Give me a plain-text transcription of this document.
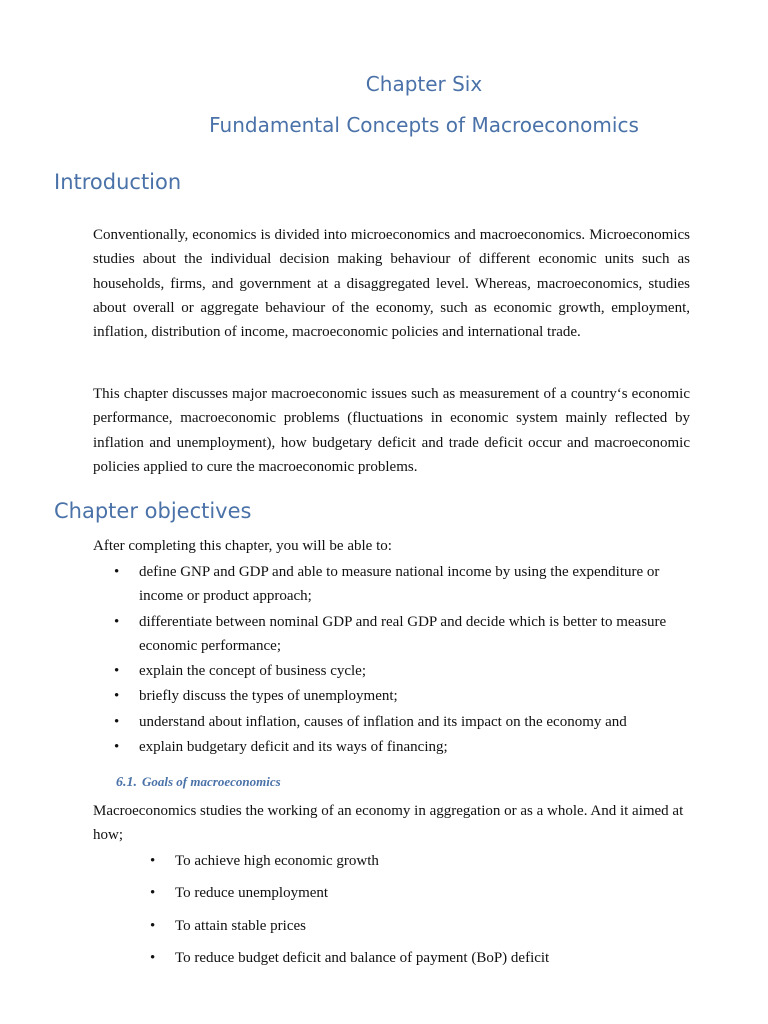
Chapter Six
Fundamental Concepts of Macroeconomics
Introduction

Conventionally, economics is divided into microeconomics and macroeconomics. Microeconomics studies about the individual decision making behaviour of different economic units such as households, firms, and government at a disaggregated level. Whereas, macroeconomics, studies about overall or aggregate behaviour of the economy, such as economic growth, employment, inflation, distribution of income, macroeconomic policies and international trade.

This chapter discusses major macroeconomic issues such as measurement of a country‘s economic performance, macroeconomic problems (fluctuations in economic system mainly reflected by inflation and unemployment), how budgetary deficit and trade deficit occur and macroeconomic policies applied to cure the macroeconomic problems.

Chapter objectives

After completing this chapter, you will be able to:

• define GNP and GDP and able to measure national income by using the expenditure or income or product approach;
• differentiate between nominal GDP and real GDP and decide which is better to measure economic performance;
• explain the concept of business cycle;
• briefly discuss the types of unemployment;
• understand about inflation, causes of inflation and its impact on the economy and
• explain budgetary deficit and its ways of financing;
6.1. Goals of macroeconomics

Macroeconomics studies the working of an economy in aggregation or as a whole. And it aimed at how;

• To achieve high economic growth
• To reduce unemployment
• To attain stable prices
• To reduce budget deficit and balance of payment (BoP) deficit
